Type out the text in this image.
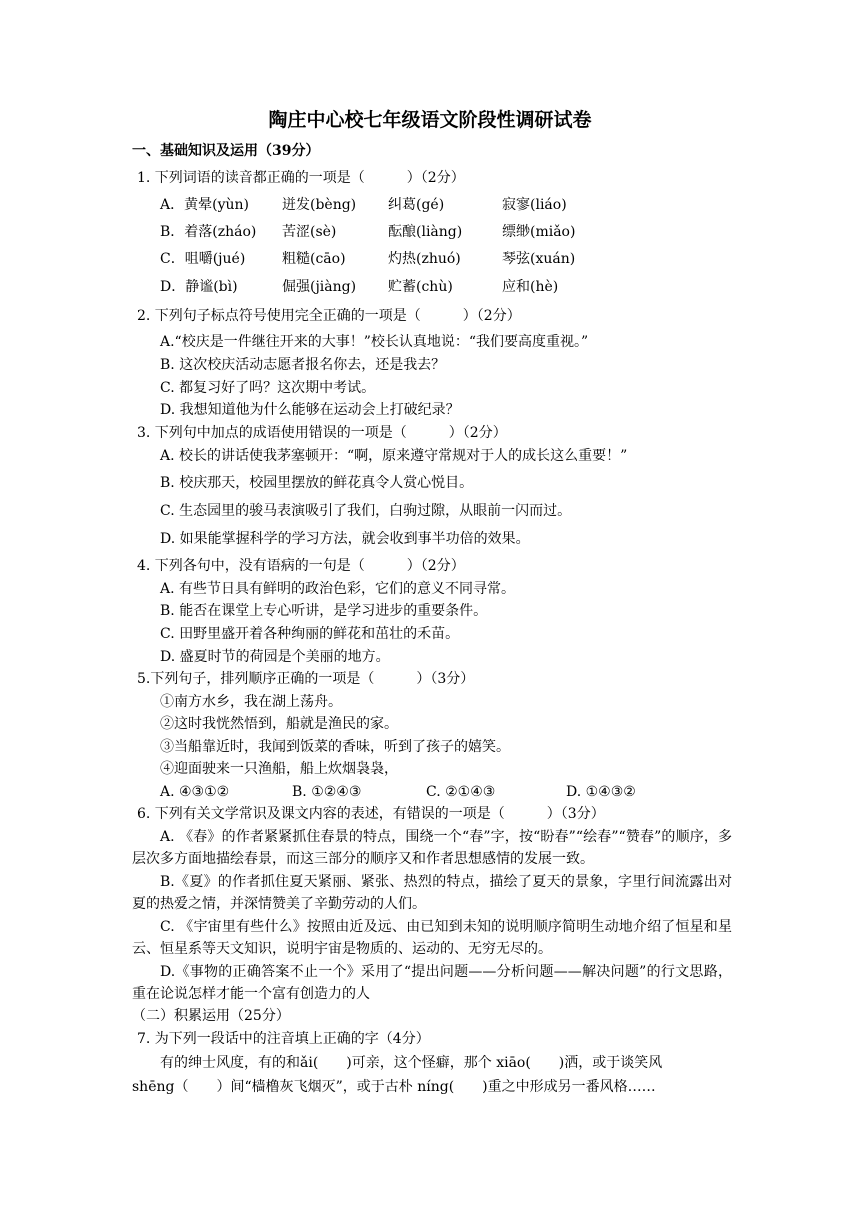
陶庄中心校七年级语文阶段性调研试卷
一、基础知识及运用（39分）
1. 下列词语的读音都正确的一项是（　　　）（2分）
A．黄晕(yùn) 迸发(bèng) 纠葛(gé)	寂寥(liáo)
B．着落(zháo) 苦涩(sè)	酝酿(liàng)	缥缈(miǎo)
C．咀嚼(jué)	粗糙(cāo)	灼热(zhuó)	琴弦(xuán)
D．静谧(bì)	倔强(jiàng) 贮蓄(chù)	应和(hè)
2. 下列句子标点符号使用完全正确的一项是（　　　）（2分）
A.“校庆是一件继往开来的大事！”校长认真地说：“我们要高度重视。”
B. 这次校庆活动志愿者报名你去，还是我去？
C. 都复习好了吗？这次期中考试。
D. 我想知道他为什么能够在运动会上打破纪录？
3. 下列句中加点的成语使用错误的一项是（　　　）（2分）
A. 校长的讲话使我茅塞顿开：“啊，原来遵守常规对于人的成长这么重要！”
B. 校庆那天，校园里摆放的鲜花真令人赏心悦目。
C. 生态园里的骏马表演吸引了我们，白驹过隙，从眼前一闪而过。
D. 如果能掌握科学的学习方法，就会收到事半功倍的效果。
4. 下列各句中，没有语病的一句是（　　　）（2分）
A. 有些节日具有鲜明的政治色彩，它们的意义不同寻常。
B. 能否在课堂上专心听讲，是学习进步的重要条件。
C. 田野里盛开着各种绚丽的鲜花和茁壮的禾苗。
D. 盛夏时节的荷园是个美丽的地方。
5.下列句子，排列顺序正确的一项是（　　　）（3分）
①南方水乡，我在湖上荡舟。
②这时我恍然悟到，船就是渔民的家。
③当船靠近时，我闻到饭菜的香味，听到了孩子的嬉笑。
④迎面驶来一只渔船，船上炊烟袅袅，
A. ④③①②	B. ①②④③	C. ②①④③	D. ①④③②
6. 下列有关文学常识及课文内容的表述，有错误的一项是（　　　）（3分）
A. 《春》的作者紧紧抓住春景的特点，围绕一个“春”字，按“盼春”“绘春”“赞春”的顺序，多层次多方面地描绘春景，而这三部分的顺序又和作者思想感情的发展一致。
B.《夏》的作者抓住夏天紧丽、紧张、热烈的特点，描绘了夏天的景象，字里行间流露出对夏的热爱之情，并深情赞美了辛勤劳动的人们。
C. 《宇宙里有些什么》按照由近及远、由已知到未知的说明顺序简明生动地介绍了恒星和星云、恒星系等天文知识，说明宇宙是物质的、运动的、无穷无尽的。
D.《事物的正确答案不止一个》采用了“提出问题——分析问题——解决问题”的行文思路，重在论说怎样才能一个富有创造力的人
（二）积累运用（25分）
7. 为下列一段话中的注音填上正确的字（4分）
有的绅士风度，有的和ǎi(　　)可亲，这个怪癖，那个 xiāo(　　)洒，或于谈笑风
shēng（　　）间“樯橹灰飞烟灭”，或于古朴 níng(　　)重之中形成另一番风格……
